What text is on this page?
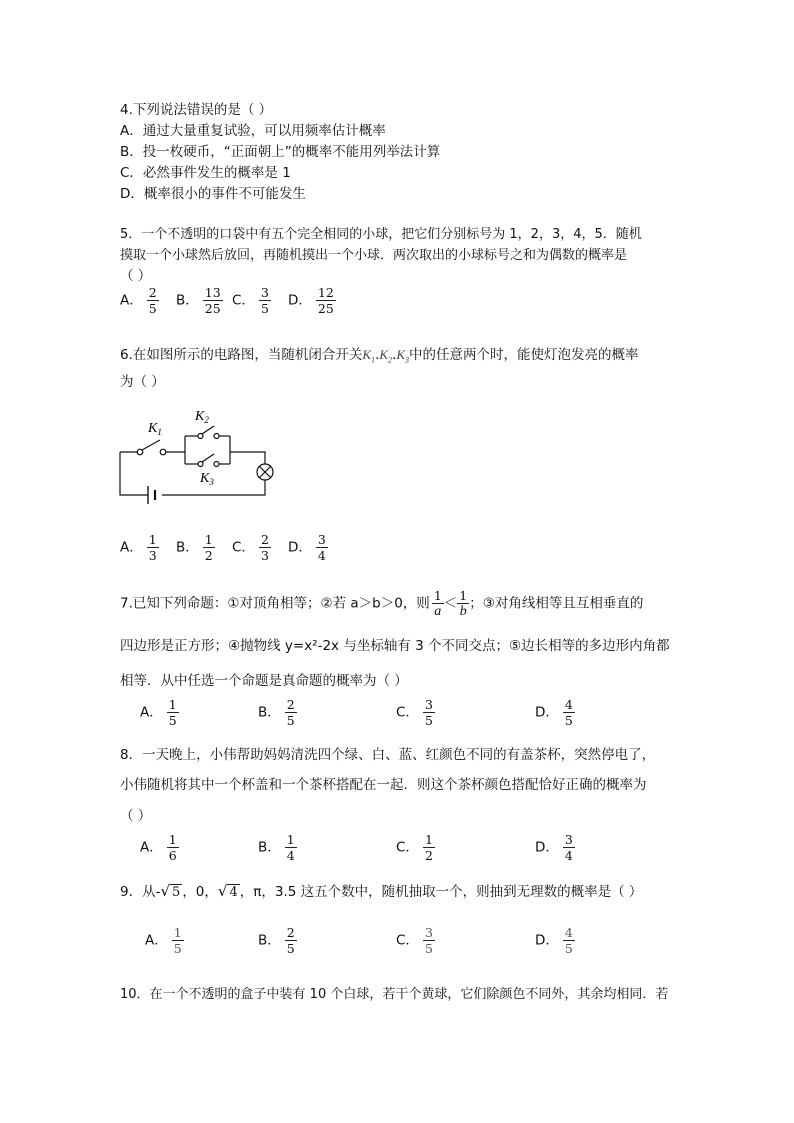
4.下列说法错误的是（ ）
A．通过大量重复试验，可以用频率估计概率
B．投一枚硬币，“正面朝上”的概率不能用列举法计算
C．必然事件发生的概率是 1
D．概率很小的事件不可能发生
5．一个不透明的口袋中有五个完全相同的小球，把它们分别标号为 1，2，3，4，5．随机
摸取一个小球然后放回，再随机摸出一个小球．两次取出的小球标号之和为偶数的概率是
（ ）
A． $\frac{2}{5}$ B． $\frac{13}{25}$ C． $\frac{3}{5}$ D． $\frac{12}{25}$
6.在如图所示的电路图，当随机闭合开关$K_1.K_2.K_3$中的任意两个时，能使灯泡发亮的概率
为（ ）
$K_1$
$K_2$
$K_3$
A． $\frac{1}{3}$ B． $\frac{1}{2}$ C． $\frac{2}{3}$ D． $\frac{3}{4}$
7.已知下列命题：①对顶角相等；②若 a＞b＞0，则 $\frac{1}{a} < \frac{1}{b}$ ；③对角线相等且互相垂直的
四边形是正方形；④抛物线 y=x²-2x 与坐标轴有 3 个不同交点；⑤边长相等的多边形内角都
相等．从中任选一个命题是真命题的概率为（ ）
A． $\frac{1}{5}$	B． $\frac{2}{5}$	C． $\frac{3}{5}$	D． $\frac{4}{5}$
8．一天晚上，小伟帮助妈妈清洗四个绿、白、蓝、红颜色不同的有盖茶杯，突然停电了，
小伟随机将其中一个杯盖和一个茶杯搭配在一起．则这个茶杯颜色搭配恰好正确的概率为
（ ）
A． $\frac{1}{6}$	B． $\frac{1}{4}$	C． $\frac{1}{2}$	D． $\frac{3}{4}$
9．从- √ 5 ，0， √ 4 ，π，3.5 这五个数中，随机抽取一个，则抽到无理数的概率是（ ）
A． $\frac{1}{5}$	B． $\frac{2}{5}$	C． $\frac{3}{5}$	D． $\frac{4}{5}$
10．在一个不透明的盒子中装有 10 个白球，若干个黄球，它们除颜色不同外，其余均相同．若
